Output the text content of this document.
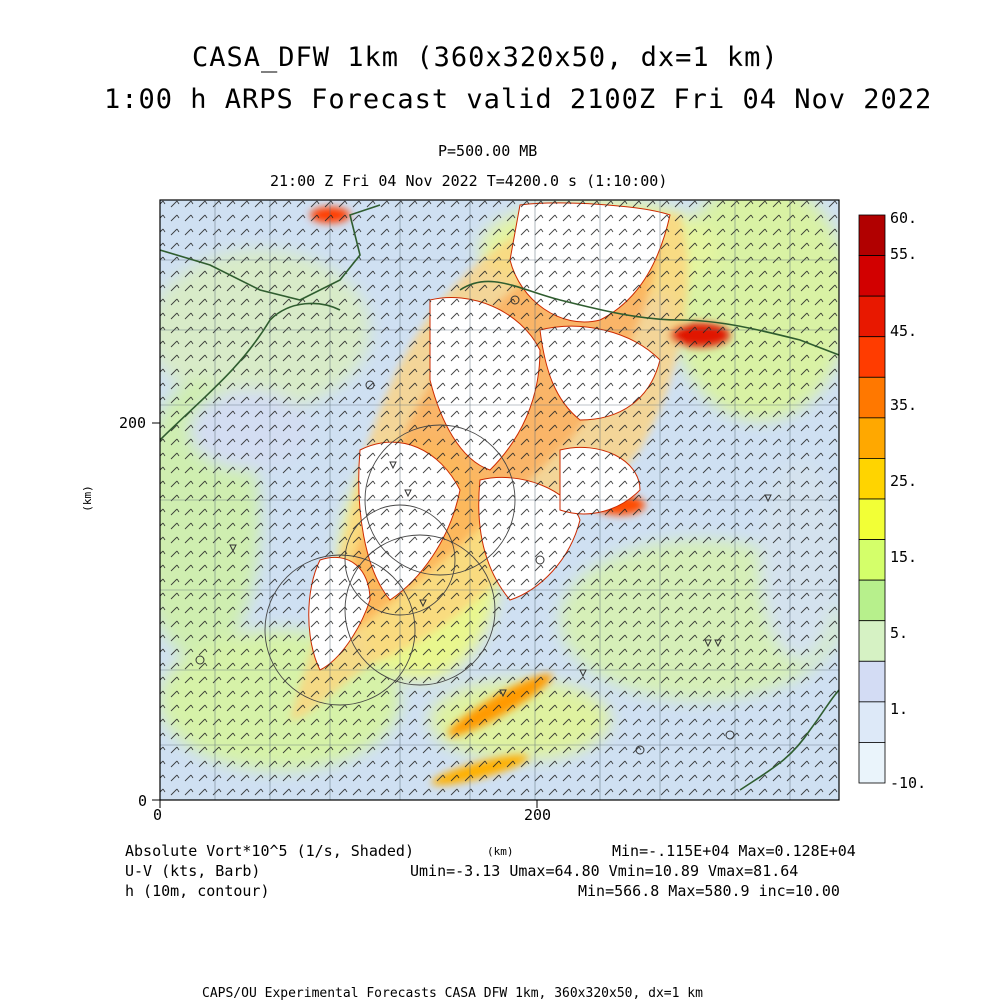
CASA_DFW 1km (360x320x50, dx=1 km)
1:00 h ARPS Forecast valid 2100Z Fri 04 Nov 2022
P=500.00 MB
21:00 Z Fri 04 Nov 2022 T=4200.0 s (1:10:00)
200
0
0	200
(km)
(km)
60.
55.
45.
35.
25.
15.
5.
1.
-10.
Absolute Vort*10^5 (1/s, Shaded)
U-V (kts, Barb)
h (10m, contour)
Min=-.115E+04 Max=0.128E+04
Umin=-3.13 Umax=64.80 Vmin=10.89 Vmax=81.64
Min=566.8 Max=580.9 inc=10.00
CAPS/OU Experimental Forecasts CASA DFW 1km, 360x320x50, dx=1 km
